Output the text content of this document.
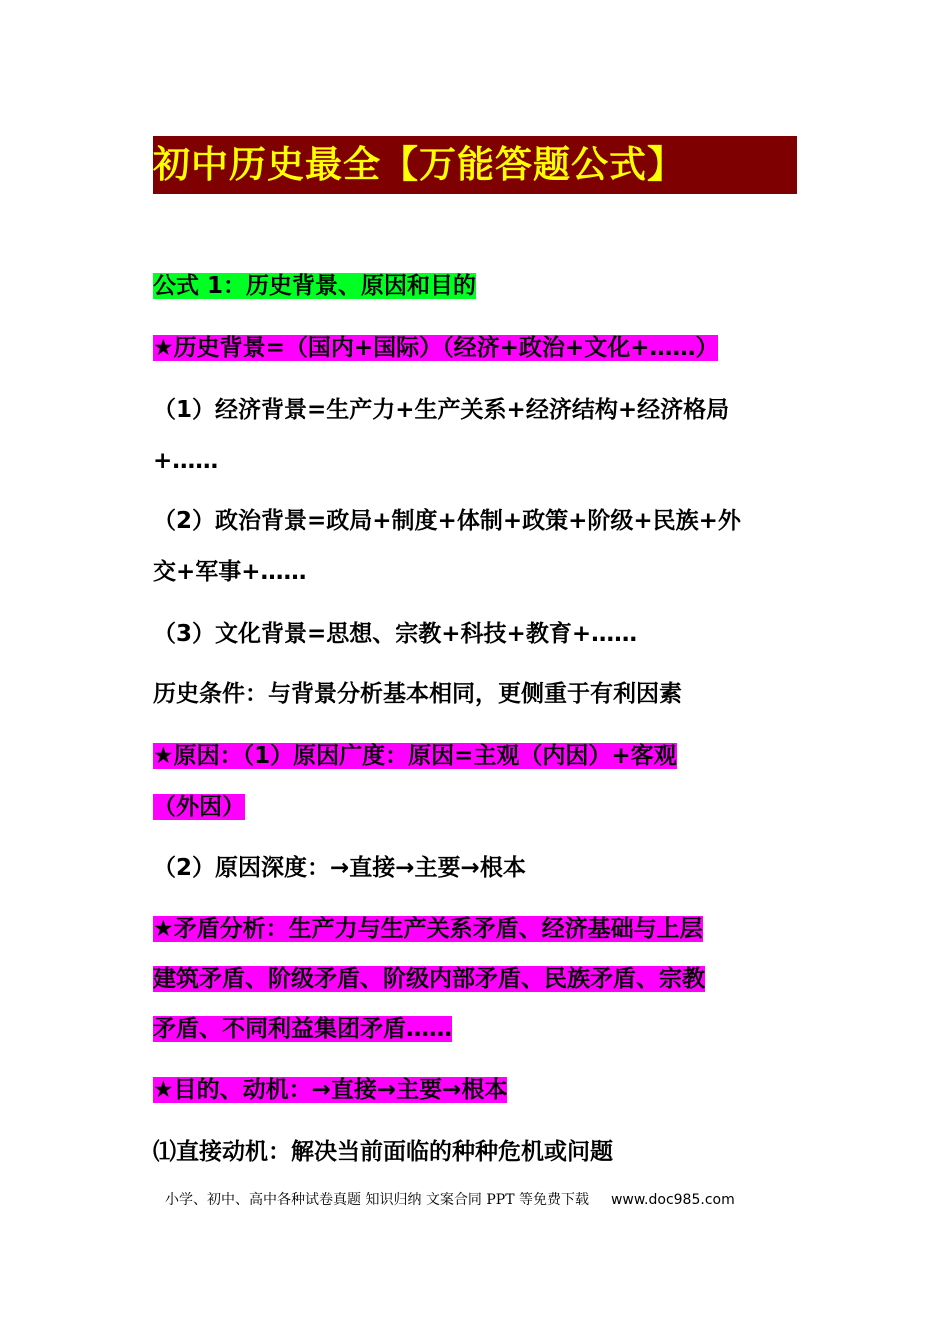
初中历史最全【万能答题公式】
公式 1：历史背景、原因和目的
★历史背景=（国内+国际）（经济+政治+文化+……）
（1）经济背景=生产力+生产关系+经济结构+经济格局
+……
（2）政治背景=政局+制度+体制+政策+阶级+民族+外
交+军事+……
（3）文化背景=思想、宗教+科技+教育+……
历史条件：与背景分析基本相同，更侧重于有利因素
★原因：（1）原因广度：原因=主观（内因）+客观
（外因）
（2）原因深度：→直接→主要→根本
★矛盾分析：生产力与生产关系矛盾、经济基础与上层
建筑矛盾、阶级矛盾、阶级内部矛盾、民族矛盾、宗教
矛盾、不同利益集团矛盾……
★目的、动机：→直接→主要→根本
⑴直接动机：解决当前面临的种种危机或问题
小学、初中、高中各种试卷真题 知识归纳 文案合同 PPT 等免费下载 www.doc985.com
